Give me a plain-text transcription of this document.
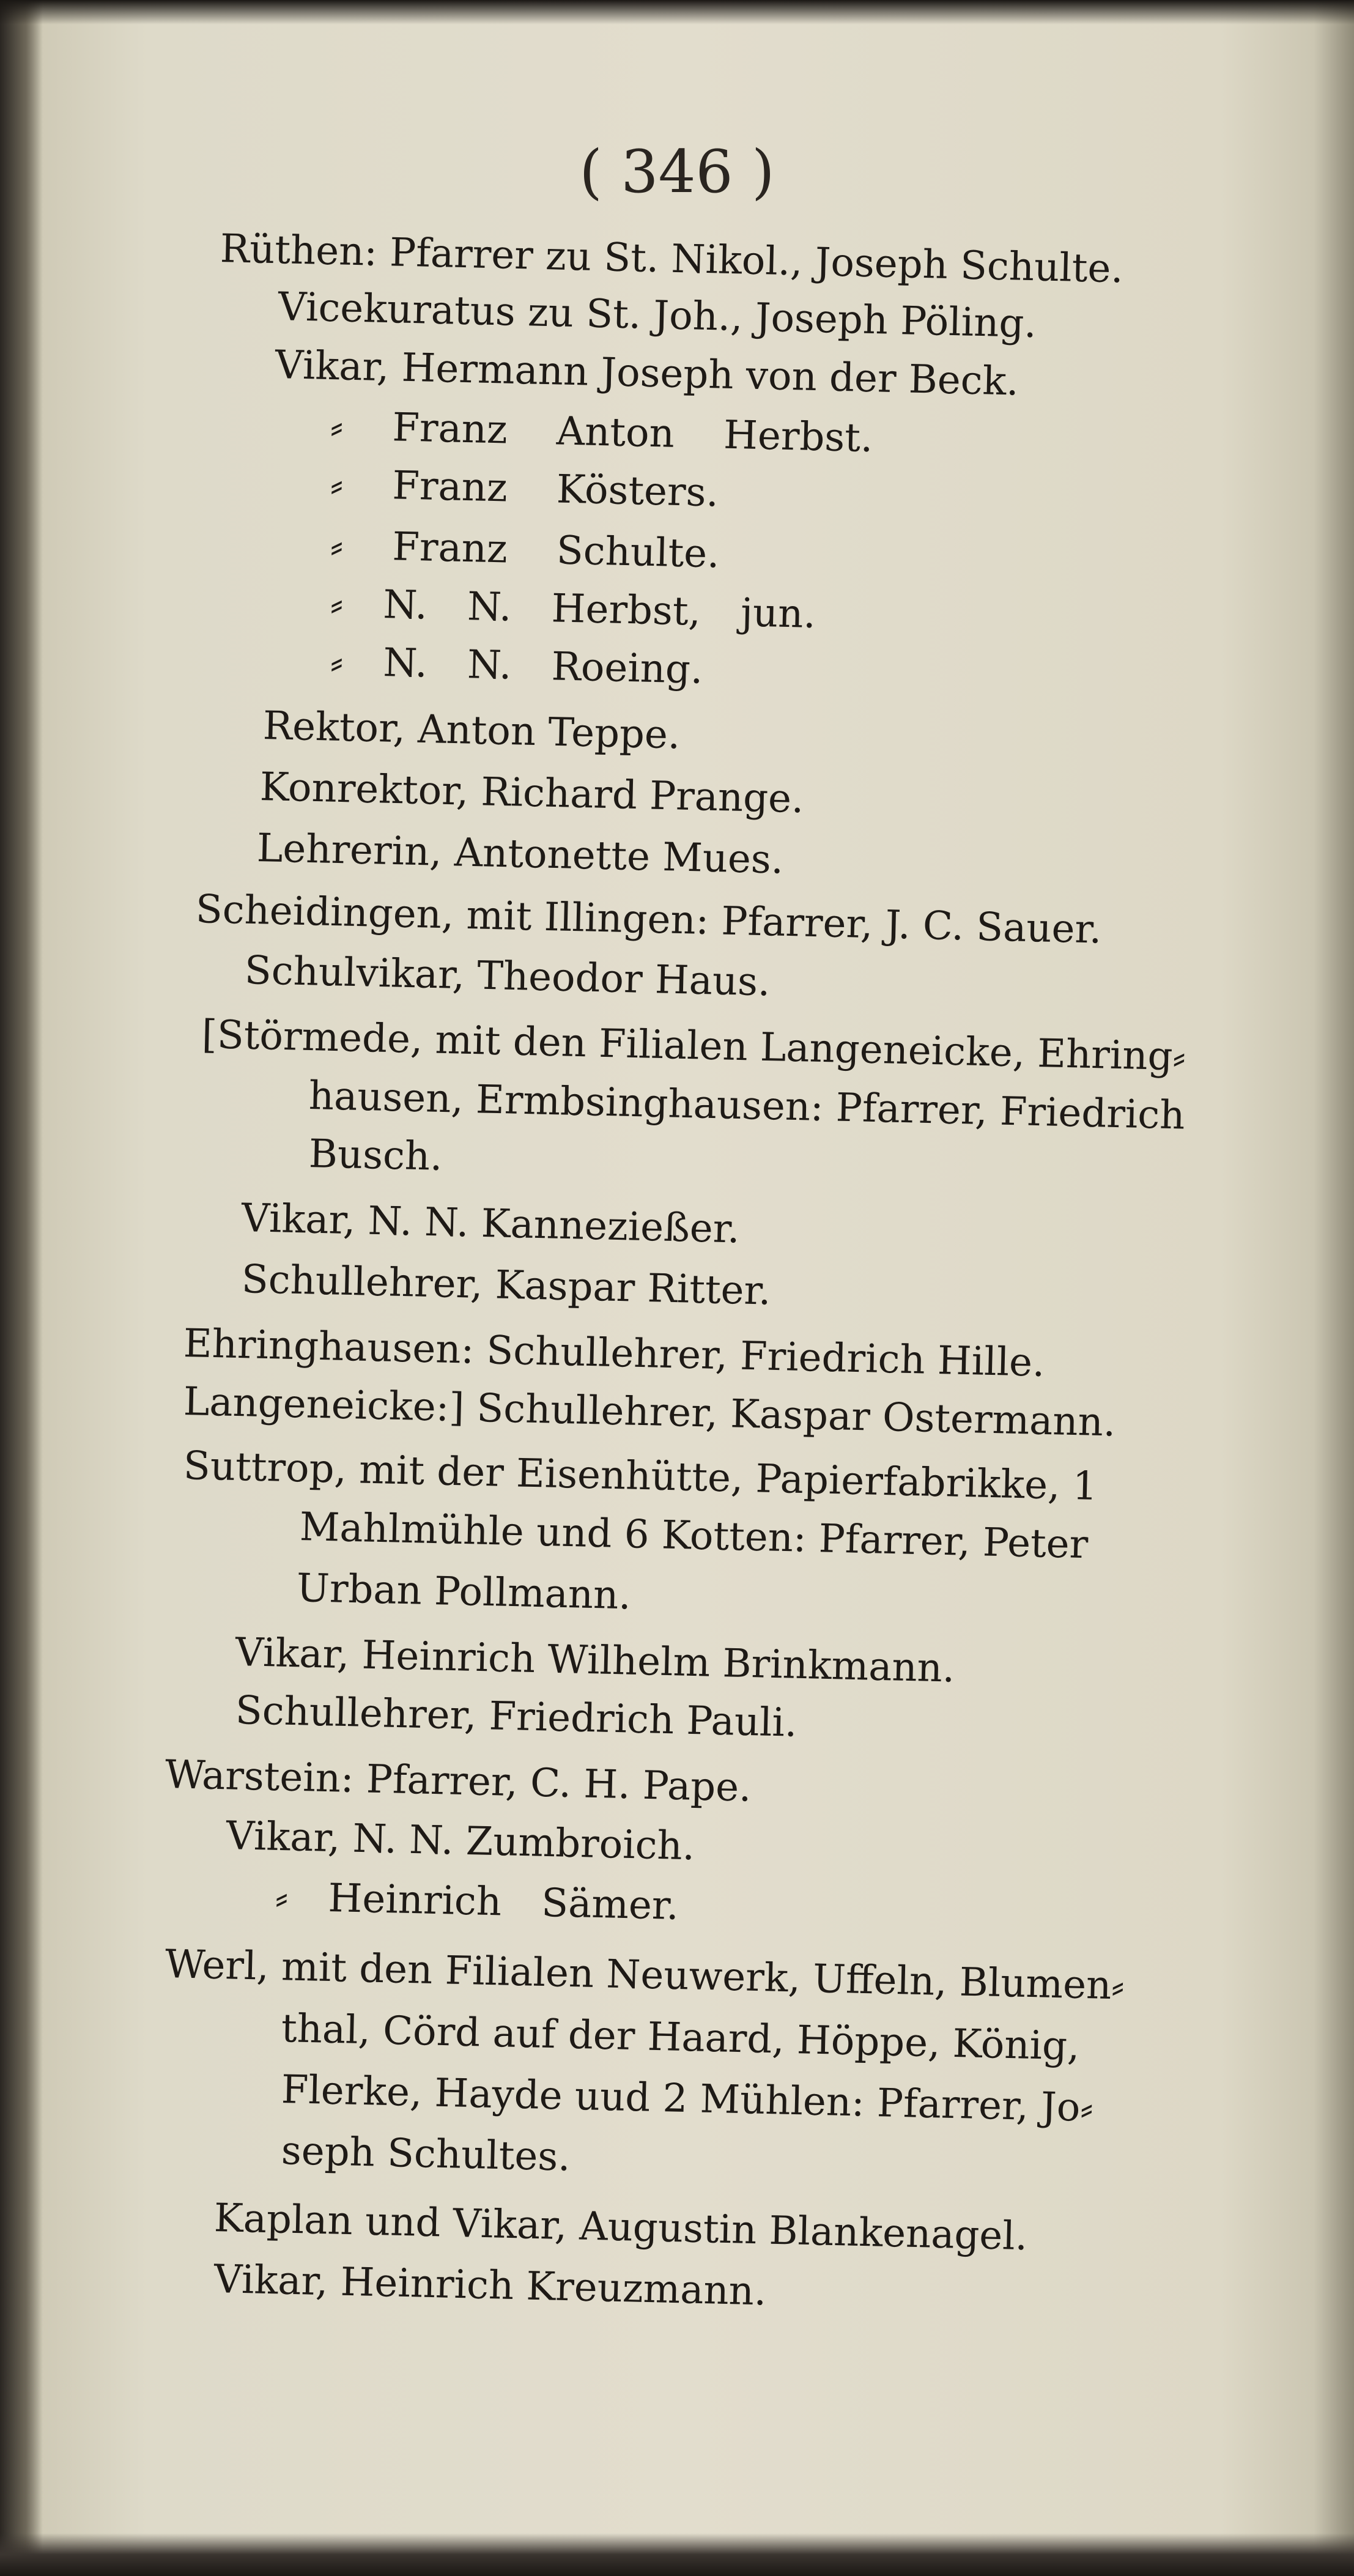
( 346 )
Rüthen: Pfarrer zu St. Nikol., Joseph Schulte.
Vicekuratus zu St. Joh., Joseph Pöling.
Vikar, Hermann Joseph von der Beck.
⸗ Franz Anton Herbst.
⸗ Franz Kösters.
⸗ Franz Schulte.
⸗ N. N. Herbst, jun.
⸗ N. N. Roeing.
Rektor, Anton Teppe.
Konrektor, Richard Prange.
Lehrerin, Antonette Mues.
Scheidingen, mit Illingen: Pfarrer, J. C. Sauer.
Schulvikar, Theodor Haus.
[Störmede, mit den Filialen Langeneicke, Ehring⸗
hausen, Ermbsinghausen: Pfarrer, Friedrich
Busch.
Vikar, N. N. Kannezießer.
Schullehrer, Kaspar Ritter.
Ehringhausen: Schullehrer, Friedrich Hille.
Langeneicke:] Schullehrer, Kaspar Ostermann.
Suttrop, mit der Eisenhütte, Papierfabrikke, 1
Mahlmühle und 6 Kotten: Pfarrer, Peter
Urban Pollmann.
Vikar, Heinrich Wilhelm Brinkmann.
Schullehrer, Friedrich Pauli.
Warstein: Pfarrer, C. H. Pape.
Vikar, N. N. Zumbroich.
⸗ Heinrich Sämer.
Werl, mit den Filialen Neuwerk, Uffeln, Blumen⸗
thal, Cörd auf der Haard, Höppe, König,
Flerke, Hayde uud 2 Mühlen: Pfarrer, Jo⸗
seph Schultes.
Kaplan und Vikar, Augustin Blankenagel.
Vikar, Heinrich Kreuzmann.
